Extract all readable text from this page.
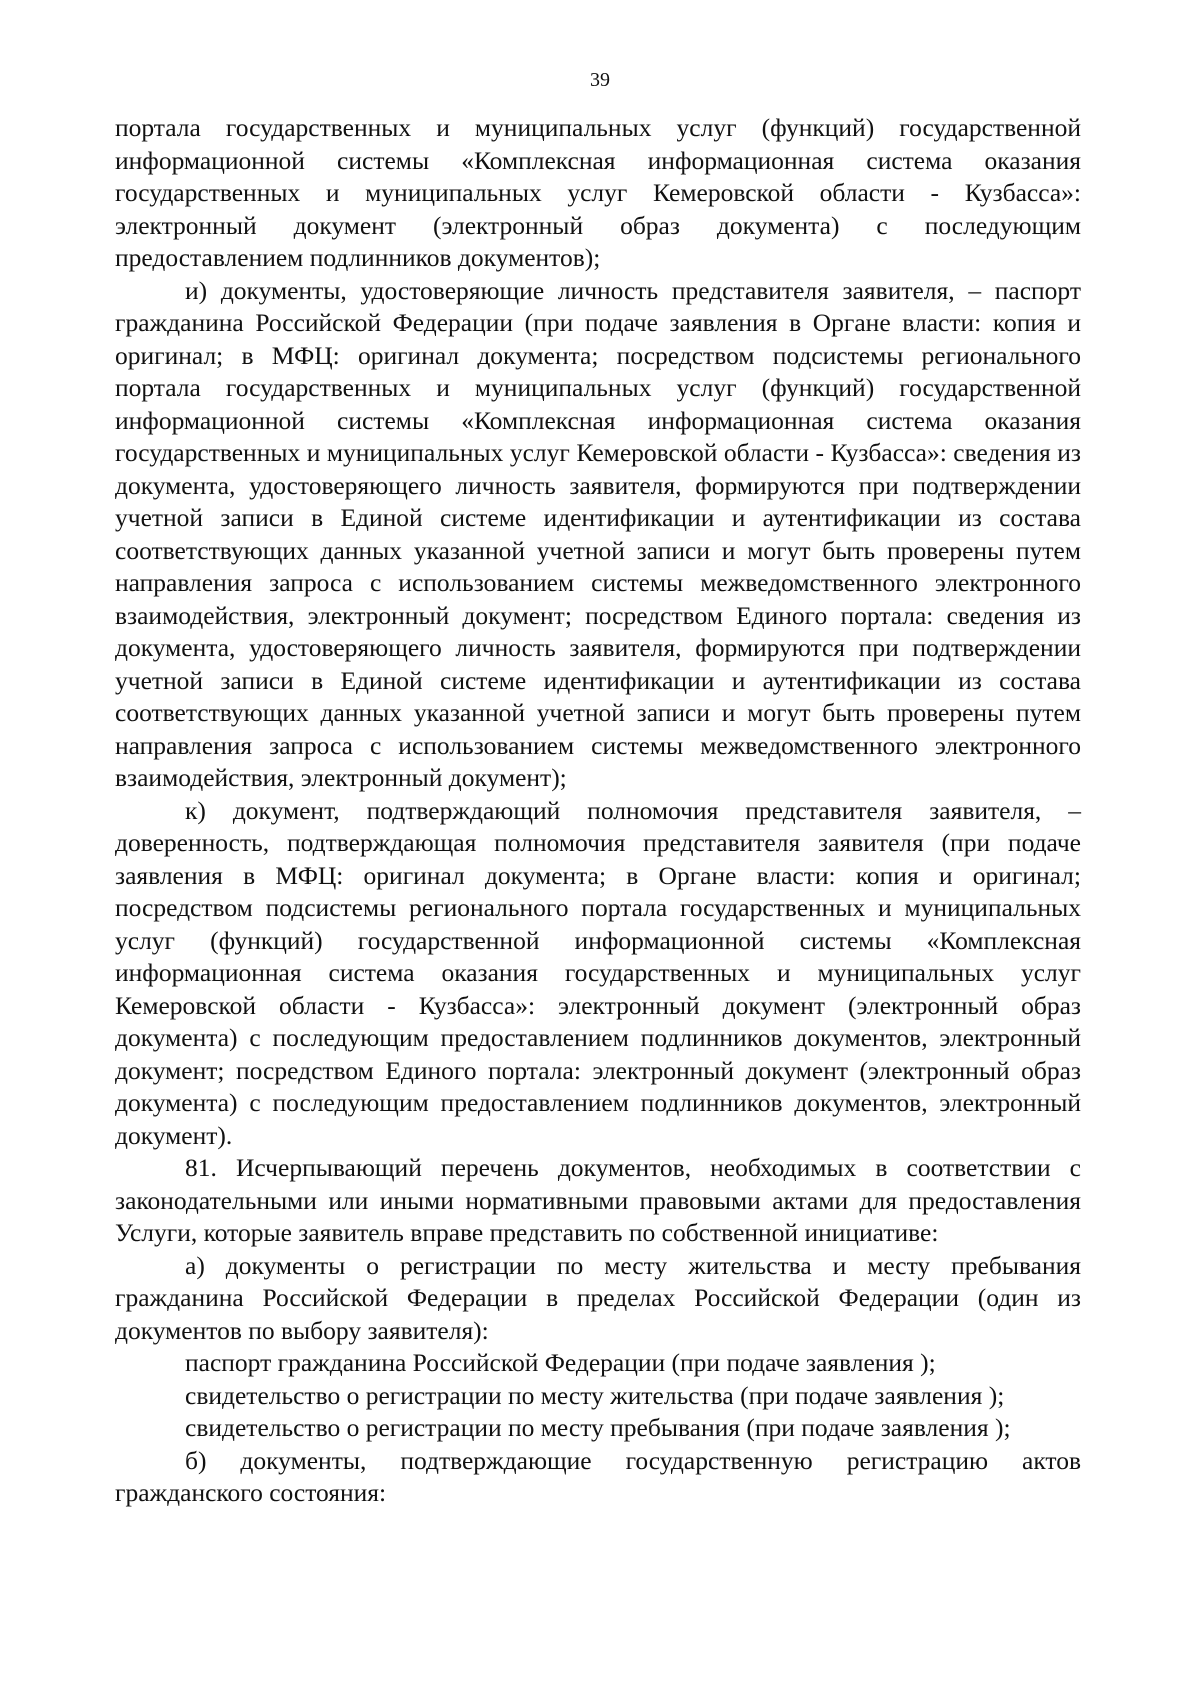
39

портала государственных и муниципальных услуг (функций) государственной информационной системы «Комплексная информационная система оказания государственных и муниципальных услуг Кемеровской области - Кузбасса»: электронный документ (электронный образ документа) с последующим предоставлением подлинников документов);

и) документы, удостоверяющие личность представителя заявителя, – паспорт гражданина Российской Федерации (при подаче заявления в Органе власти: копия и оригинал; в МФЦ: оригинал документа; посредством подсистемы регионального портала государственных и муниципальных услуг (функций) государственной информационной системы «Комплексная информационная система оказания государственных и муниципальных услуг Кемеровской области - Кузбасса»: сведения из документа, удостоверяющего личность заявителя, формируются при подтверждении учетной записи в Единой системе идентификации и аутентификации из состава соответствующих данных указанной учетной записи и могут быть проверены путем направления запроса с использованием системы межведомственного электронного взаимодействия, электронный документ; посредством Единого портала: сведения из документа, удостоверяющего личность заявителя, формируются при подтверждении учетной записи в Единой системе идентификации и аутентификации из состава соответствующих данных указанной учетной записи и могут быть проверены путем направления запроса с использованием системы межведомственного электронного взаимодействия, электронный документ);

к) документ, подтверждающий полномочия представителя заявителя, – доверенность, подтверждающая полномочия представителя заявителя (при подаче заявления в МФЦ: оригинал документа; в Органе власти: копия и оригинал; посредством подсистемы регионального портала государственных и муниципальных услуг (функций) государственной информационной системы «Комплексная информационная система оказания государственных и муниципальных услуг Кемеровской области - Кузбасса»: электронный документ (электронный образ документа) с последующим предоставлением подлинников документов, электронный документ; посредством Единого портала: электронный документ (электронный образ документа) с последующим предоставлением подлинников документов, электронный документ).

81. Исчерпывающий перечень документов, необходимых в соответствии с законодательными или иными нормативными правовыми актами для предоставления Услуги, которые заявитель вправе представить по собственной инициативе:

а) документы о регистрации по месту жительства и месту пребывания гражданина Российской Федерации в пределах Российской Федерации (один из документов по выбору заявителя):

паспорт гражданина Российской Федерации (при подаче заявления );

свидетельство о регистрации по месту жительства (при подаче заявления );

свидетельство о регистрации по месту пребывания (при подаче заявления );

б) документы, подтверждающие государственную регистрацию актов гражданского состояния:
